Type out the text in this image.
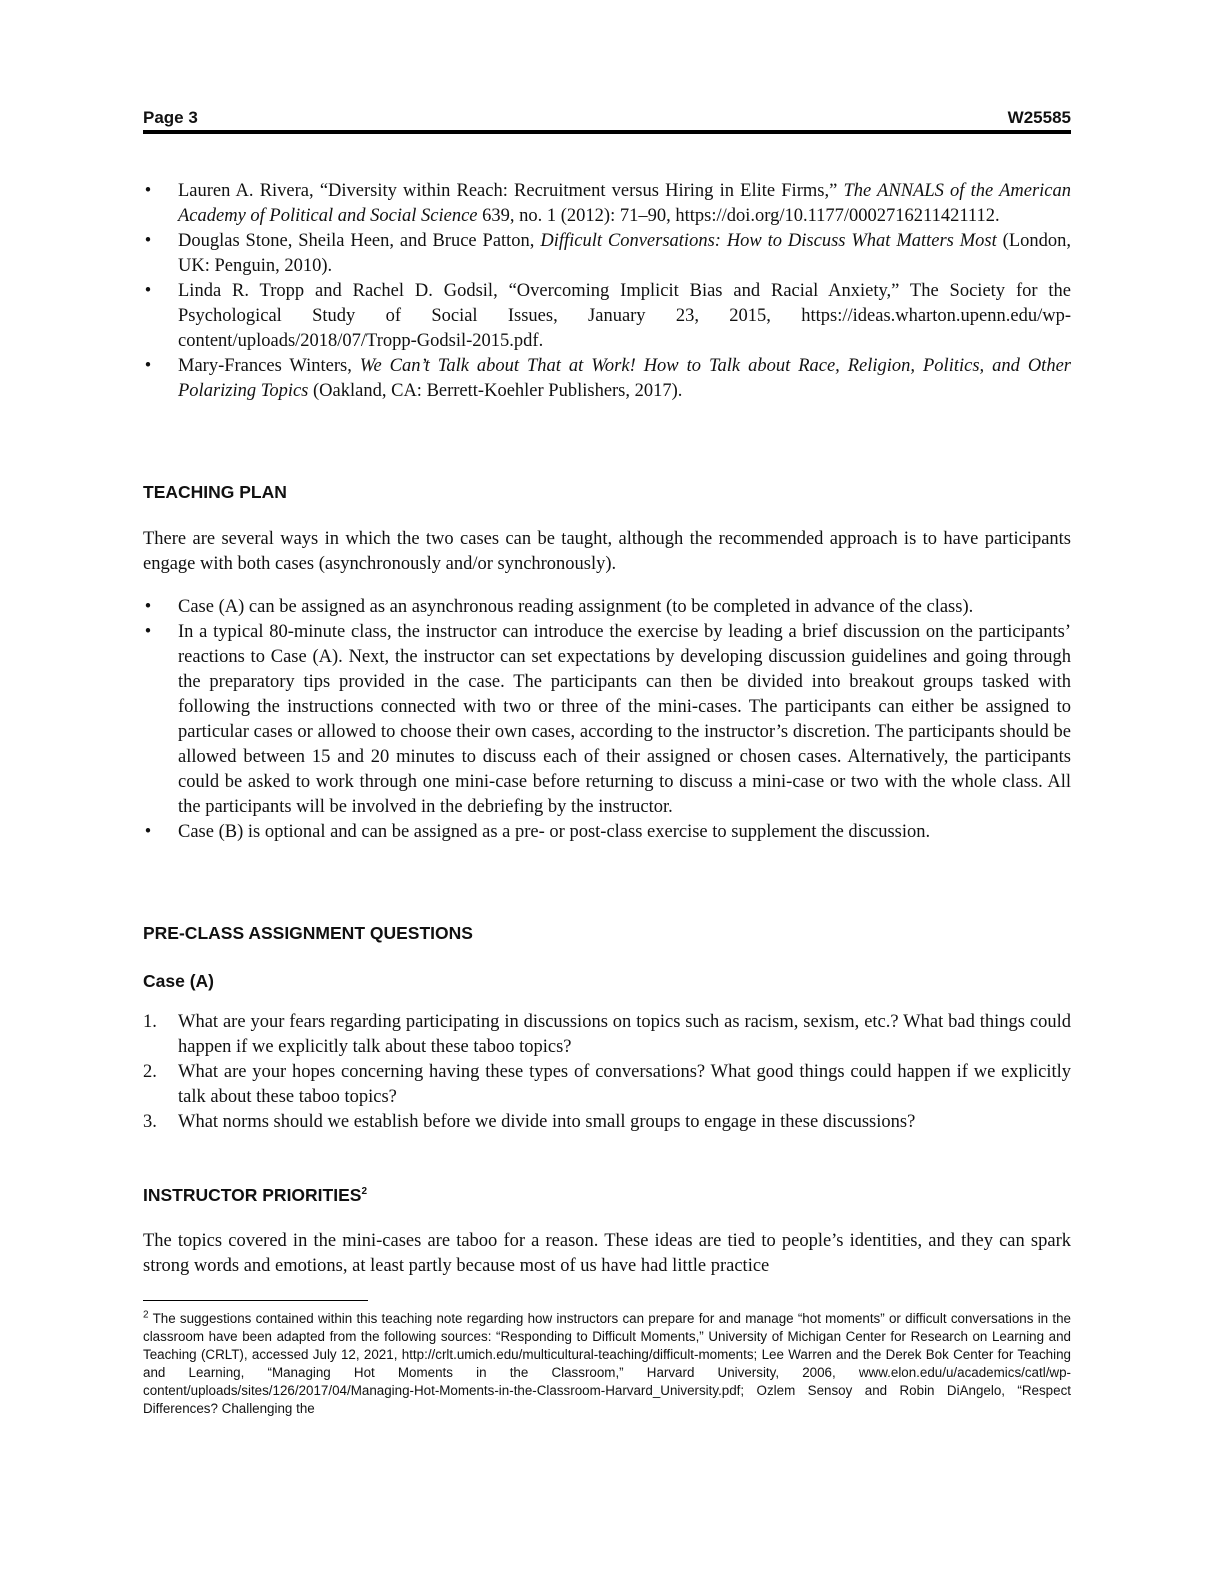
Page 3	W25585
• Lauren A. Rivera, “Diversity within Reach: Recruitment versus Hiring in Elite Firms,” The ANNALS of the American Academy of Political and Social Science 639, no. 1 (2012): 71–90, https://doi.org/10.1177/0002716211421112.
• Douglas Stone, Sheila Heen, and Bruce Patton, Difficult Conversations: How to Discuss What Matters Most (London, UK: Penguin, 2010).
• Linda R. Tropp and Rachel D. Godsil, “Overcoming Implicit Bias and Racial Anxiety,” The Society for the Psychological Study of Social Issues, January 23, 2015, https://ideas.wharton.upenn.edu/wp-content/uploads/2018/07/Tropp-Godsil-2015.pdf.
• Mary-Frances Winters, We Can’t Talk about That at Work! How to Talk about Race, Religion, Politics, and Other Polarizing Topics (Oakland, CA: Berrett-Koehler Publishers, 2017).
TEACHING PLAN

There are several ways in which the two cases can be taught, although the recommended approach is to have participants engage with both cases (asynchronously and/or synchronously).

• Case (A) can be assigned as an asynchronous reading assignment (to be completed in advance of the class).
• In a typical 80-minute class, the instructor can introduce the exercise by leading a brief discussion on the participants’ reactions to Case (A). Next, the instructor can set expectations by developing discussion guidelines and going through the preparatory tips provided in the case. The participants can then be divided into breakout groups tasked with following the instructions connected with two or three of the mini-cases. The participants can either be assigned to particular cases or allowed to choose their own cases, according to the instructor’s discretion. The participants should be allowed between 15 and 20 minutes to discuss each of their assigned or chosen cases. Alternatively, the participants could be asked to work through one mini-case before returning to discuss a mini-case or two with the whole class. All the participants will be involved in the debriefing by the instructor.
• Case (B) is optional and can be assigned as a pre- or post-class exercise to supplement the discussion.
PRE-CLASS ASSIGNMENT QUESTIONS
Case (A)
1. What are your fears regarding participating in discussions on topics such as racism, sexism, etc.? What bad things could happen if we explicitly talk about these taboo topics?
2. What are your hopes concerning having these types of conversations? What good things could happen if we explicitly talk about these taboo topics?
3. What norms should we establish before we divide into small groups to engage in these discussions?
INSTRUCTOR PRIORITIES$^2$

The topics covered in the mini-cases are taboo for a reason. These ideas are tied to people’s identities, and they can spark strong words and emotions, at least partly because most of us have had little practice

$^2$ The suggestions contained within this teaching note regarding how instructors can prepare for and manage “hot moments” or difficult conversations in the classroom have been adapted from the following sources: “Responding to Difficult Moments,” University of Michigan Center for Research on Learning and Teaching (CRLT), accessed July 12, 2021, http://crlt.umich.edu/multicultural-teaching/difficult-moments; Lee Warren and the Derek Bok Center for Teaching and Learning, “Managing Hot Moments in the Classroom,” Harvard University, 2006, www.elon.edu/u/academics/catl/wp-content/uploads/sites/126/2017/04/Managing-Hot-Moments-in-the-Classroom-Harvard_University.pdf; Ozlem Sensoy and Robin DiAngelo, “Respect Differences? Challenging the
